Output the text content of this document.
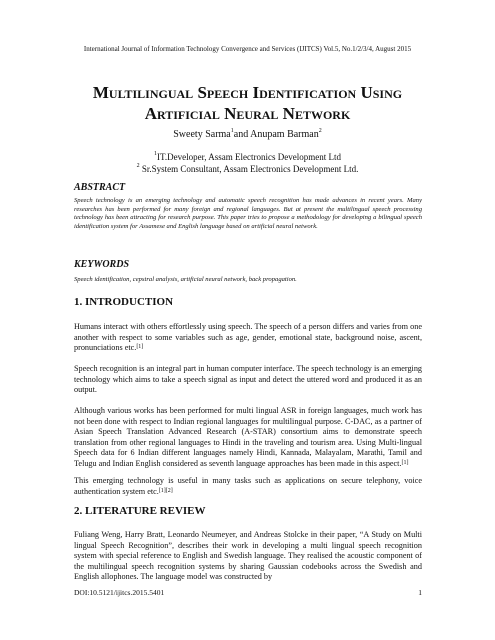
International Journal of Information Technology Convergence and Services (IJITCS) Vol.5, No.1/2/3/4, August 2015
Multilingual Speech Identification Using
Artificial Neural Network
Sweety Sarma$^1$and Anupam Barman$^2$
$^1$IT.Developer, Assam Electronics Development Ltd
$^2$ Sr.System Consultant, Assam Electronics Development Ltd.
ABSTRACT
Speech technology is an emerging technology and automatic speech recognition has made advances in recent years. Many researches has been performed for many foreign and regional languages. But at present the multilingual speech processing technology has been attracting for research purpose. This paper tries to propose a methodology for developing a bilingual speech identification system for Assamese and English language based on artificial neural network.
KEYWORDS
Speech identification, cepstral analysis, artificial neural network, back propagation.
1. INTRODUCTION
Humans interact with others effortlessly using speech. The speech of a person differs and varies from one another with respect to some variables such as age, gender, emotional state, background noise, ascent, pronunciations etc.[1]
Speech recognition is an integral part in human computer interface. The speech technology is an emerging technology which aims to take a speech signal as input and detect the uttered word and produced it as an output.
Although various works has been performed for multi lingual ASR in foreign languages, much work has not been done with respect to Indian regional languages for multilingual purpose. C-DAC, as a partner of Asian Speech Translation Advanced Research (A-STAR) consortium aims to demonstrate speech translation from other regional languages to Hindi in the traveling and tourism area. Using Multi-lingual Speech data for 6 Indian different languages namely Hindi, Kannada, Malayalam, Marathi, Tamil and Telugu and Indian English considered as seventh language approaches has been made in this aspect.[1]
This emerging technology is useful in many tasks such as applications on secure telephony, voice authentication system etc.[1][2]
2. LITERATURE REVIEW
Fuliang Weng, Harry Bratt, Leonardo Neumeyer, and Andreas Stolcke in their paper, “A Study on Multi lingual Speech Recognition”, describes their work in developing a multi lingual speech recognition system with special reference to English and Swedish language. They realised the acoustic component of the multilingual speech recognition systems by sharing Gaussian codebooks across the Swedish and English allophones. The language model was constructed by
DOI:10.5121/ijitcs.2015.5401	1
